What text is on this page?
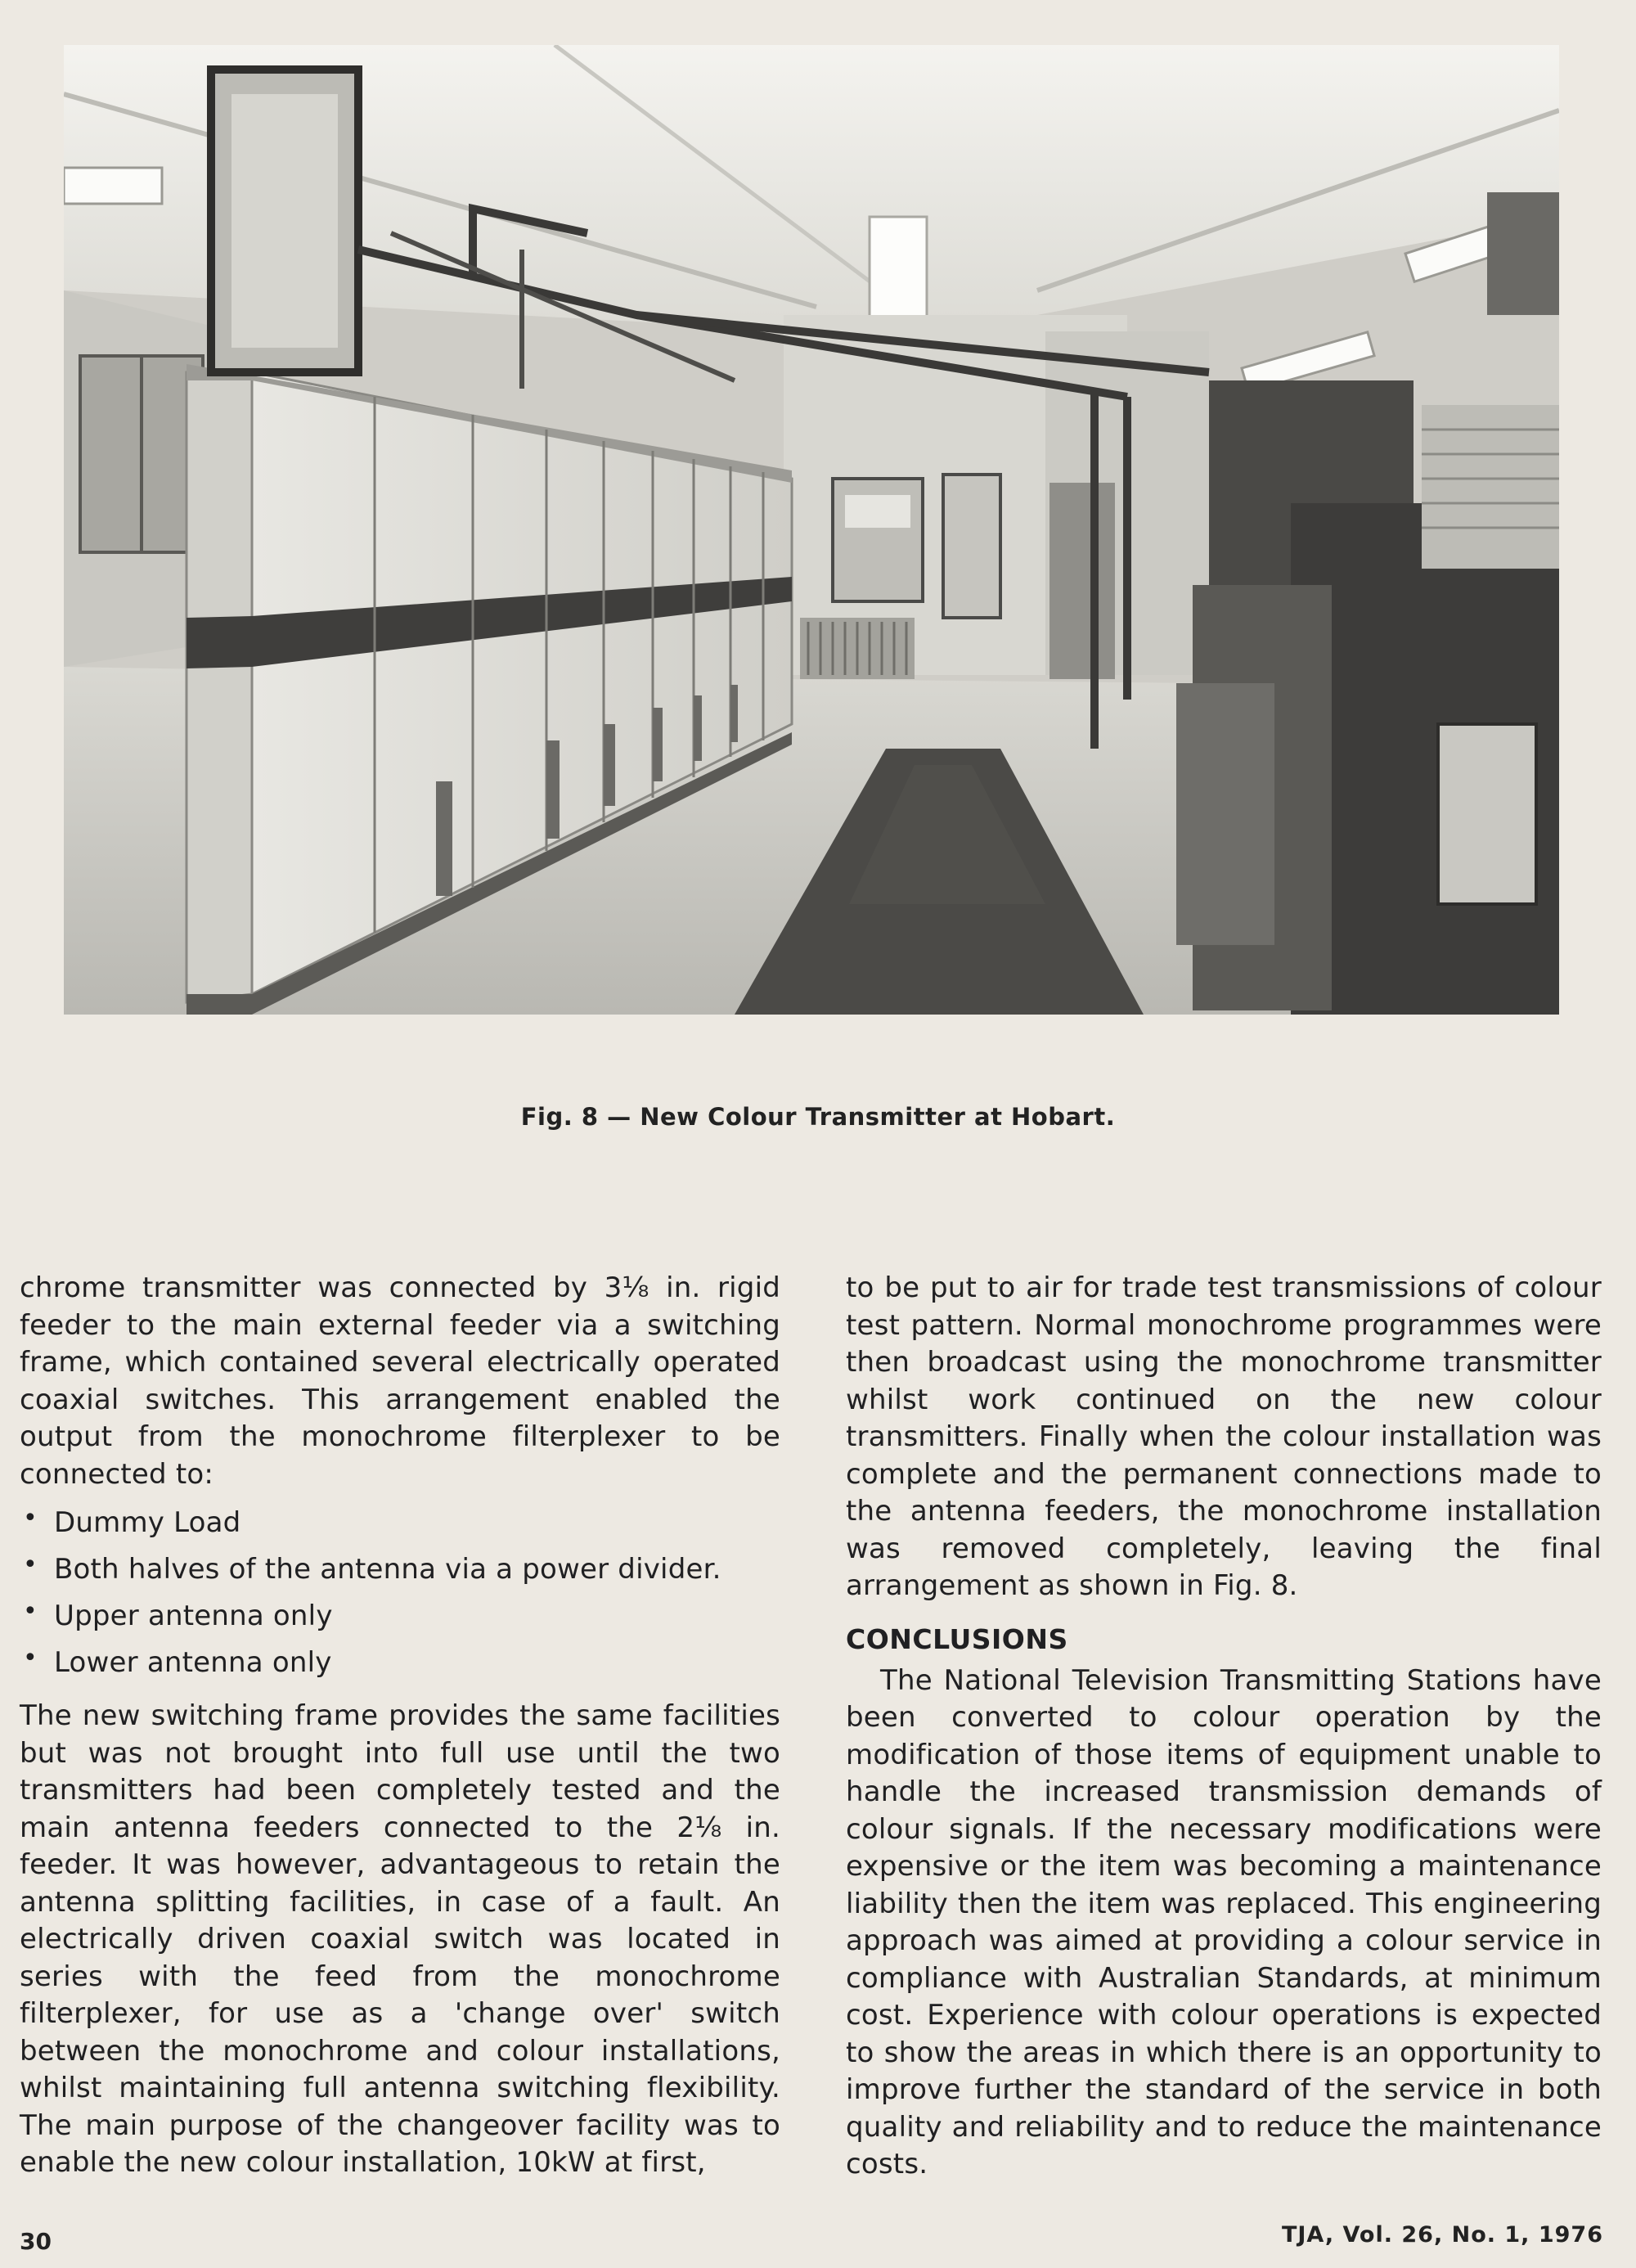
Fig. 8 — New Colour Transmitter at Hobart.

chrome transmitter was connected by 3⅛ in. rigid feeder to the main external feeder via a switching frame, which contained several electrically operated coaxial switches. This arrangement enabled the output from the monochrome filterplexer to be connected to:

• Dummy Load
• Both halves of the antenna via a power divider.
• Upper antenna only
• Lower antenna only

The new switching frame provides the same facilities but was not brought into full use until the two transmitters had been completely tested and the main antenna feeders connected to the 2⅛ in. feeder. It was however, advantageous to retain the antenna splitting facilities, in case of a fault. An electrically driven coaxial switch was located in series with the feed from the monochrome filterplexer, for use as a 'change over' switch between the monochrome and colour installations, whilst maintaining full antenna switching flexibility. The main purpose of the changeover facility was to enable the new colour installation, 10kW at first,

to be put to air for trade test transmissions of colour test pattern. Normal monochrome programmes were then broadcast using the monochrome transmitter whilst work continued on the new colour transmitters. Finally when the colour installation was complete and the permanent connections made to the antenna feeders, the monochrome installation was removed completely, leaving the final arrangement as shown in Fig. 8.

CONCLUSIONS

The National Television Transmitting Stations have been converted to colour operation by the modification of those items of equipment unable to handle the increased transmission demands of colour signals. If the necessary modifications were expensive or the item was becoming a maintenance liability then the item was replaced. This engineering approach was aimed at providing a colour service in compliance with Australian Standards, at minimum cost. Experience with colour operations is expected to show the areas in which there is an opportunity to improve further the standard of the service in both quality and reliability and to reduce the maintenance costs.

30	TJA, Vol. 26, No. 1, 1976
